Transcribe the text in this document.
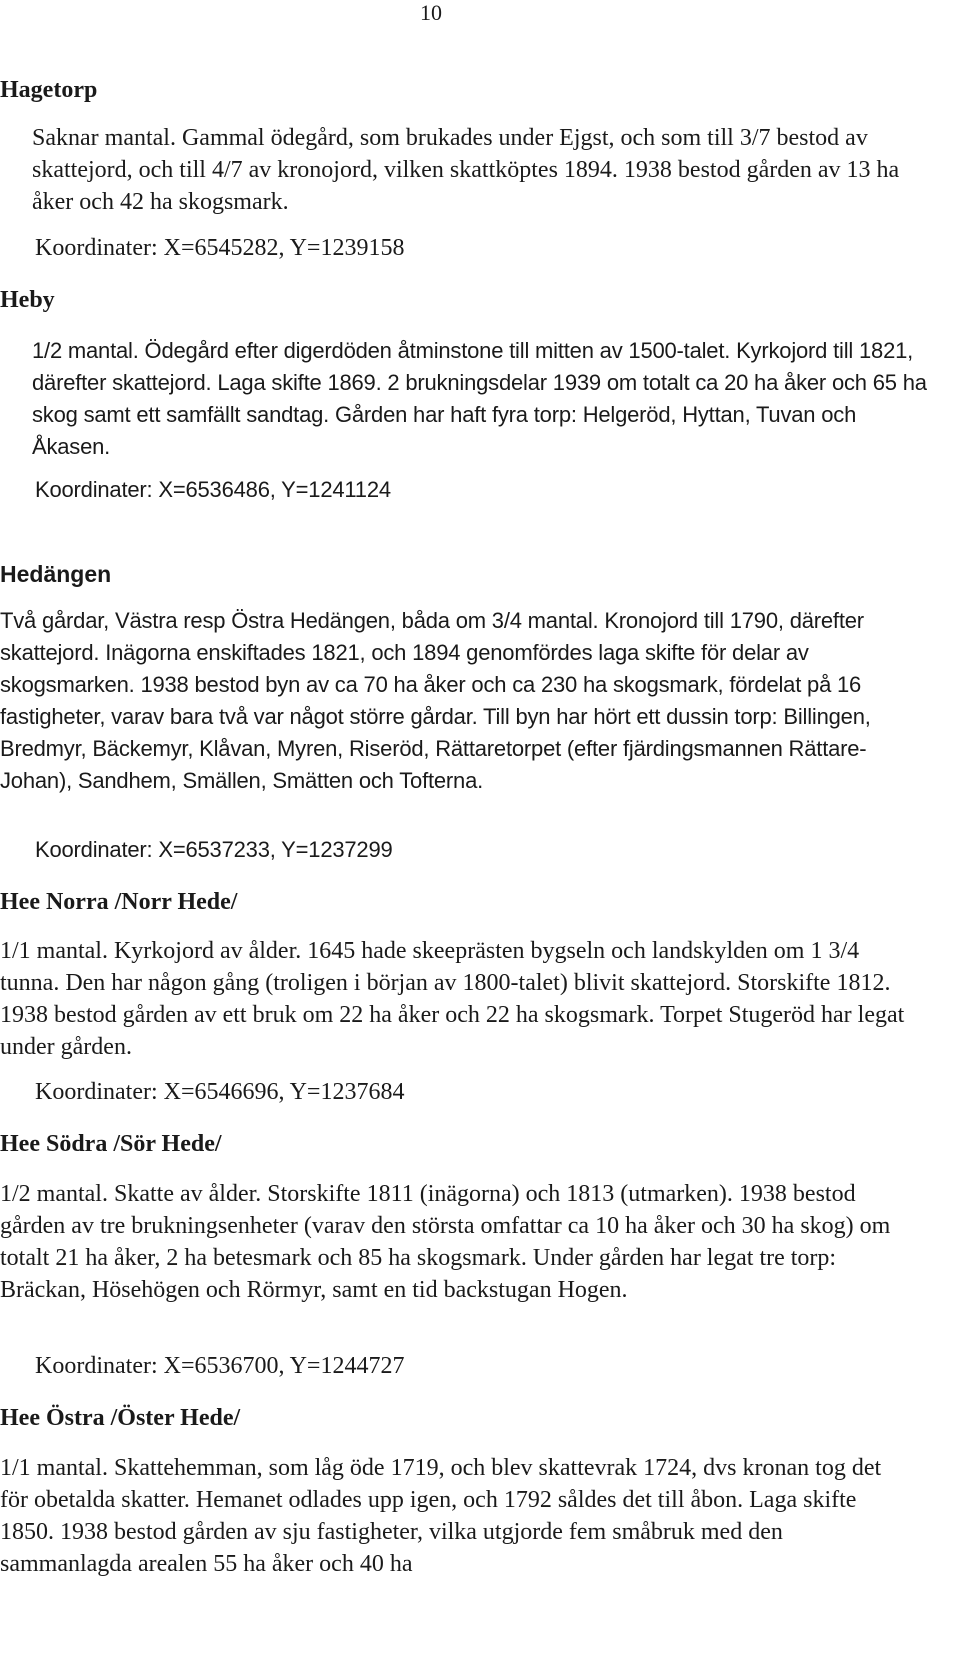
10
Hagetorp

Saknar mantal. Gammal ödegård, som brukades under Ejgst, och som till 3/7 bestod av skattejord, och till 4/7 av kronojord, vilken skattköptes 1894. 1938 bestod gården av 13 ha åker och 42 ha skogsmark.

Koordinater: X=6545282, Y=1239158
Heby

1/2 mantal. Ödegård efter digerdöden åtminstone till mitten av 1500-talet. Kyrkojord till 1821, därefter skattejord. Laga skifte 1869. 2 brukningsdelar 1939 om totalt ca 20 ha åker och 65 ha skog samt ett samfällt sandtag. Gården har haft fyra torp: Helgeröd, Hyttan, Tuvan och Åkasen.

Koordinater: X=6536486, Y=1241124
Hedängen

Två gårdar, Västra resp Östra Hedängen, båda om 3/4 mantal. Kronojord till 1790, därefter skattejord. Inägorna enskiftades 1821, och 1894 genomfördes laga skifte för delar av skogsmarken. 1938 bestod byn av ca 70 ha åker och ca 230 ha skogsmark, fördelat på 16 fastigheter, varav bara två var något större gårdar. Till byn har hört ett dussin torp: Billingen, Bredmyr, Bäckemyr, Klåvan, Myren, Riseröd, Rättaretorpet (efter fjärdingsmannen Rättare-Johan), Sandhem, Smällen, Smätten och Tofterna.

Koordinater: X=6537233, Y=1237299
Hee Norra /Norr Hede/

1/1 mantal. Kyrkojord av ålder. 1645 hade skeeprästen bygseln och landskylden om 1 3/4 tunna. Den har någon gång (troligen i början av 1800-talet) blivit skattejord. Storskifte 1812. 1938 bestod gården av ett bruk om 22 ha åker och 22 ha skogsmark. Torpet Stugeröd har legat under gården.

Koordinater: X=6546696, Y=1237684
Hee Södra /Sör Hede/

1/2 mantal. Skatte av ålder. Storskifte 1811 (inägorna) och 1813 (utmarken). 1938 bestod gården av tre brukningsenheter (varav den största omfattar ca 10 ha åker och 30 ha skog) om totalt 21 ha åker, 2 ha betesmark och 85 ha skogsmark. Under gården har legat tre torp: Bräckan, Hösehögen och Rörmyr, samt en tid backstugan Hogen.

Koordinater: X=6536700, Y=1244727
Hee Östra /Öster Hede/

1/1 mantal. Skattehemman, som låg öde 1719, och blev skattevrak 1724, dvs kronan tog det för obetalda skatter. Hemanet odlades upp igen, och 1792 såldes det till åbon. Laga skifte 1850. 1938 bestod gården av sju fastigheter, vilka utgjorde fem småbruk med den sammanlagda arealen 55 ha åker och 40 ha
